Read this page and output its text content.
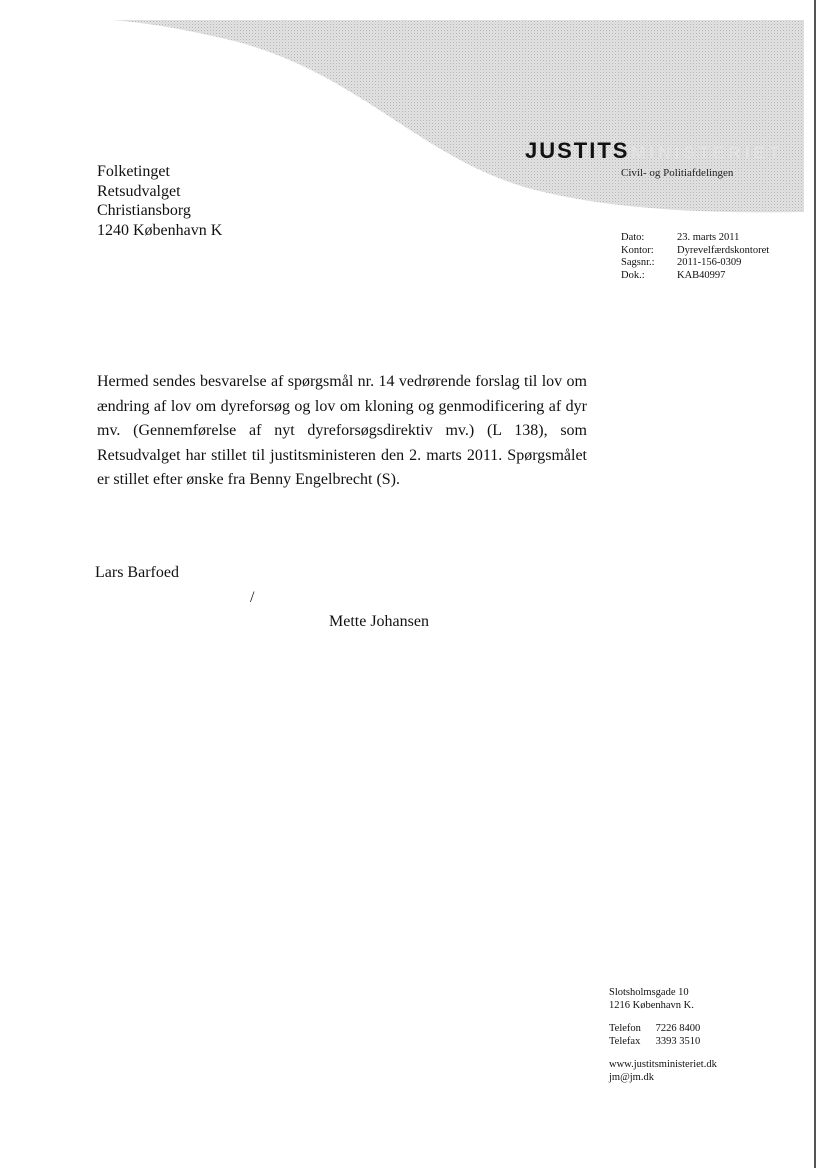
JUSTITS MINISTERIET
Civil- og Politiafdelingen
Folketinget
Retsudvalget
Christiansborg
1240 København K	Dato:	23. marts 2011
Kontor:	Dyrevelfærdskontoret
Sagsnr.:	2011-156-0309
Dok.:	KAB40997
Hermed sendes besvarelse af spørgsmål nr. 14 vedrørende forslag til lov om ændring af lov om dyreforsøg og lov om kloning og genmodificering af dyr mv. (Gennemførelse af nyt dyreforsøgsdirektiv mv.) (L 138), som Retsudvalget har stillet til justitsministeren den 2. marts 2011. Spørgsmålet er stillet efter ønske fra Benny Engelbrecht (S).
Lars Barfoed
/
Mette Johansen
Slotsholmsgade 10
1216 København K.
Telefon 7226 8400
Telefax 3393 3510
www.justitsministeriet.dk
jm@jm.dk
